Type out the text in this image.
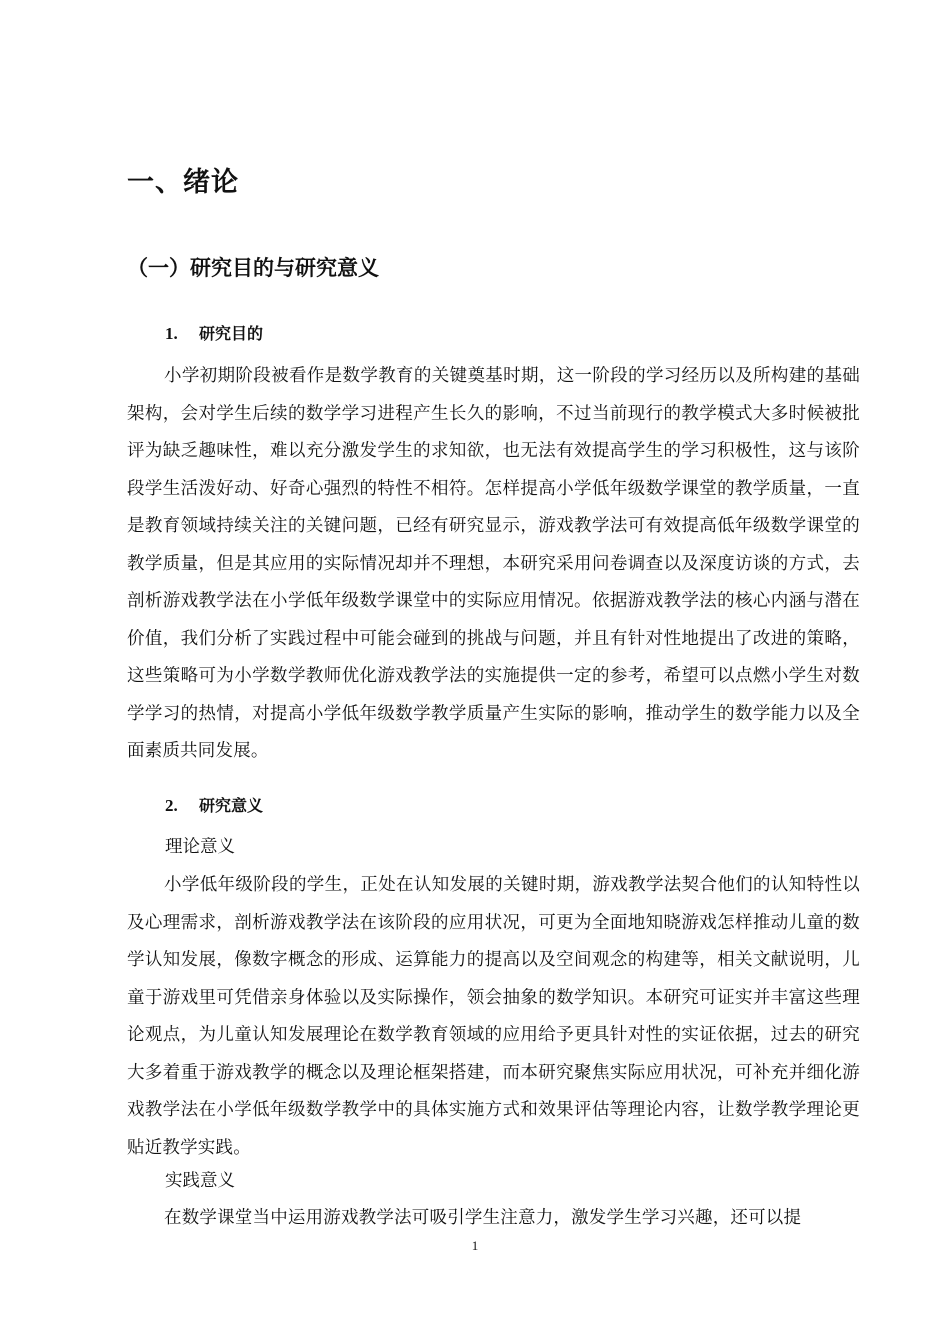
一、绪论
（一）研究目的与研究意义
1. 研究目的

小学初期阶段被看作是数学教育的关键奠基时期，这一阶段的学习经历以及所构建的基础架构，会对学生后续的数学学习进程产生长久的影响，不过当前现行的教学模式大多时候被批评为缺乏趣味性，难以充分激发学生的求知欲，也无法有效提高学生的学习积极性，这与该阶段学生活泼好动、好奇心强烈的特性不相符。怎样提高小学低年级数学课堂的教学质量，一直是教育领域持续关注的关键问题，已经有研究显示，游戏教学法可有效提高低年级数学课堂的教学质量，但是其应用的实际情况却并不理想，本研究采用问卷调查以及深度访谈的方式，去剖析游戏教学法在小学低年级数学课堂中的实际应用情况。依据游戏教学法的核心内涵与潜在价值，我们分析了实践过程中可能会碰到的挑战与问题，并且有针对性地提出了改进的策略，这些策略可为小学数学教师优化游戏教学法的实施提供一定的参考，希望可以点燃小学生对数学学习的热情，对提高小学低年级数学教学质量产生实际的影响，推动学生的数学能力以及全面素质共同发展。

2. 研究意义

理论意义

小学低年级阶段的学生，正处在认知发展的关键时期，游戏教学法契合他们的认知特性以及心理需求，剖析游戏教学法在该阶段的应用状况，可更为全面地知晓游戏怎样推动儿童的数学认知发展，像数字概念的形成、运算能力的提高以及空间观念的构建等，相关文献说明，儿童于游戏里可凭借亲身体验以及实际操作，领会抽象的数学知识。本研究可证实并丰富这些理论观点，为儿童认知发展理论在数学教育领域的应用给予更具针对性的实证依据，过去的研究大多着重于游戏教学的概念以及理论框架搭建，而本研究聚焦实际应用状况，可补充并细化游戏教学法在小学低年级数学教学中的具体实施方式和效果评估等理论内容，让数学教学理论更贴近教学实践。

实践意义

在数学课堂当中运用游戏教学法可吸引学生注意力，激发学生学习兴趣，还可以提

1
